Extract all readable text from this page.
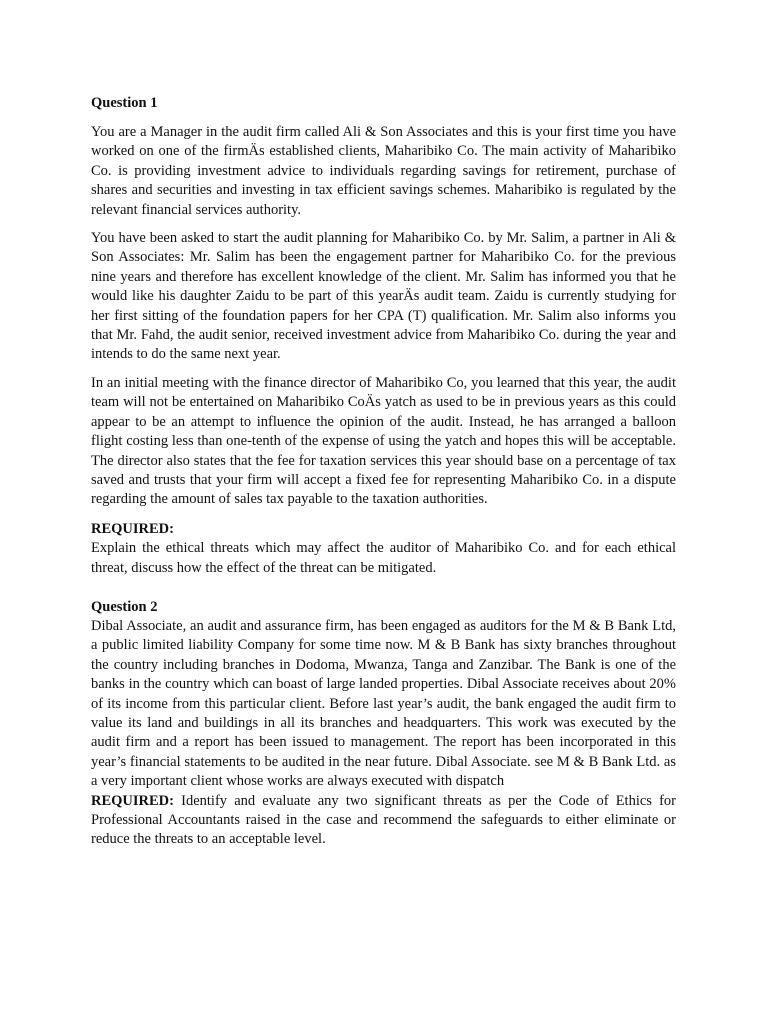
Question 1

You are a Manager in the audit firm called Ali & Son Associates and this is your first time you have worked on one of the firmÄs established clients, Maharibiko Co. The main activity of Maharibiko Co. is providing investment advice to individuals regarding savings for retirement, purchase of shares and securities and investing in tax efficient savings schemes. Maharibiko is regulated by the relevant financial services authority.

You have been asked to start the audit planning for Maharibiko Co. by Mr. Salim, a partner in Ali & Son Associates: Mr. Salim has been the engagement partner for Maharibiko Co. for the previous nine years and therefore has excellent knowledge of the client. Mr. Salim has informed you that he would like his daughter Zaidu to be part of this yearÄs audit team. Zaidu is currently studying for her first sitting of the foundation papers for her CPA (T) qualification. Mr. Salim also informs you that Mr. Fahd, the audit senior, received investment advice from Maharibiko Co. during the year and intends to do the same next year.

In an initial meeting with the finance director of Maharibiko Co, you learned that this year, the audit team will not be entertained on Maharibiko CoÄs yatch as used to be in previous years as this could appear to be an attempt to influence the opinion of the audit. Instead, he has arranged a balloon flight costing less than one-tenth of the expense of using the yatch and hopes this will be acceptable. The director also states that the fee for taxation services this year should base on a percentage of tax saved and trusts that your firm will accept a fixed fee for representing Maharibiko Co. in a dispute regarding the amount of sales tax payable to the taxation authorities.

REQUIRED:

Explain the ethical threats which may affect the auditor of Maharibiko Co. and for each ethical threat, discuss how the effect of the threat can be mitigated.

Question 2

Dibal Associate, an audit and assurance firm, has been engaged as auditors for the M & B Bank Ltd, a public limited liability Company for some time now. M & B Bank has sixty branches throughout the country including branches in Dodoma, Mwanza, Tanga and Zanzibar. The Bank is one of the banks in the country which can boast of large landed properties. Dibal Associate receives about 20% of its income from this particular client. Before last year’s audit, the bank engaged the audit firm to value its land and buildings in all its branches and headquarters. This work was executed by the audit firm and a report has been issued to management. The report has been incorporated in this year’s financial statements to be audited in the near future. Dibal Associate. see M & B Bank Ltd. as a very important client whose works are always executed with dispatch

REQUIRED: Identify and evaluate any two significant threats as per the Code of Ethics for Professional Accountants raised in the case and recommend the safeguards to either eliminate or reduce the threats to an acceptable level.
